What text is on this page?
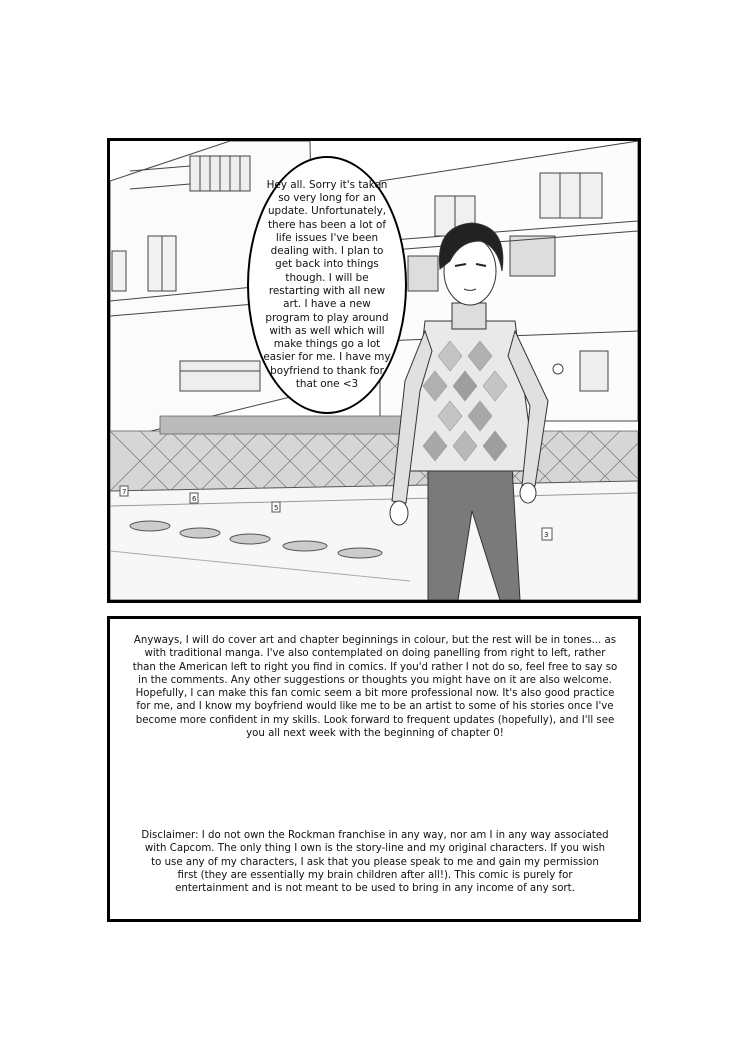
7
6
5
3
Hey all. Sorry it's taken so very long for an update. Unfortunately, there has been a lot of life issues I've been dealing with. I plan to get back into things though. I will be restarting with all new art. I have a new program to play around with as well which will make things go a lot easier for me. I have my boyfriend to thank for that one <3
Anyways, I will do cover art and chapter beginnings in colour, but the rest will be in tones... as with traditional manga. I've also contemplated on doing panelling from right to left, rather than the American left to right you find in comics. If you'd rather I not do so, feel free to say so in the comments. Any other suggestions or thoughts you might have on it are also welcome. Hopefully, I can make this fan comic seem a bit more professional now. It's also good practice for me, and I know my boyfriend would like me to be an artist to some of his stories once I've become more confident in my skills. Look forward to frequent updates (hopefully), and I'll see you all next week with the beginning of chapter 0!
Disclaimer: I do not own the Rockman franchise in any way, nor am I in any way associated with Capcom. The only thing I own is the story-line and my original characters. If you wish to use any of my characters, I ask that you please speak to me and gain my permission first (they are essentially my brain children after all!). This comic is purely for entertainment and is not meant to be used to bring in any income of any sort.
